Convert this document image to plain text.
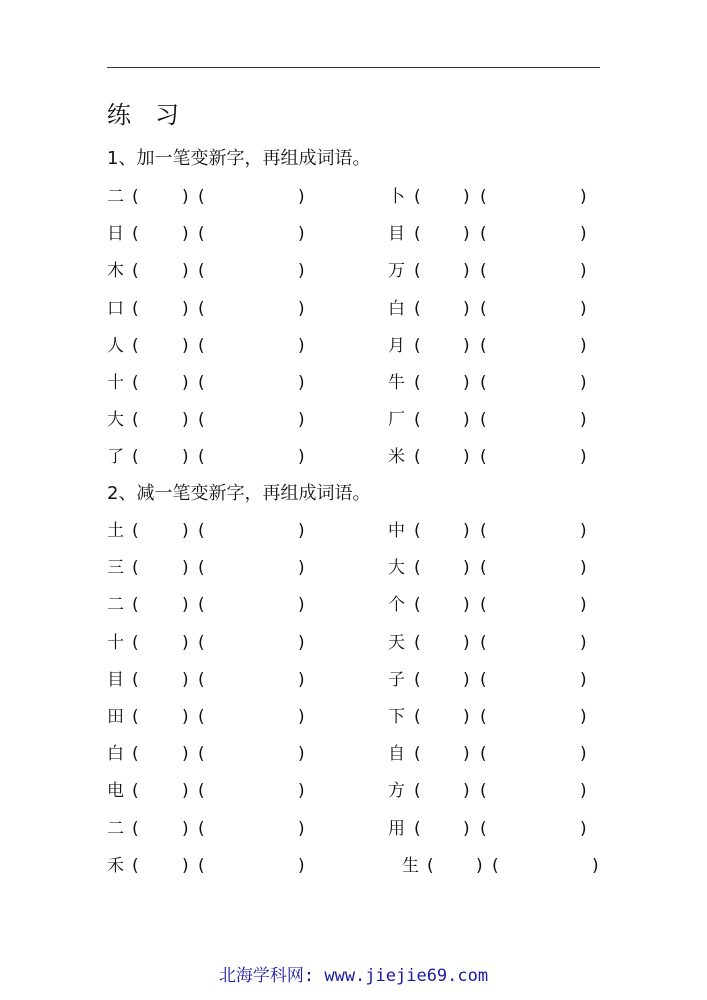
练　习
1、加一笔变新字，再组成词语。
二 (	) (	)	卜 ( ) (	)
日 (	) (	)	目 ( ) (	)
木 (	) (	)	万 ( ) (	)
口 (	) (	)	白 ( ) (	)
人 (	) (	)	月 ( ) (	)
十 (	) (	)	牛 ( ) (	)
大 (	) (	)	厂 ( ) (	)
了 (	) (	)	米 ( ) (	)
2、减一笔变新字，再组成词语。
土 (	) (	)	中 ( ) (	)
三 (	) (	)	大 ( ) (	)
二 (	) (	)	个 ( ) (	)
十 (	) (	)	天 ( ) (	)
目 (	) (	)	子 ( ) (	)
田 (	) (	)	下 ( ) (	)
白 (	) (	)	自 ( ) (	)
电 (	) (	)	方 ( ) (	)
二 (	) (	)	用 ( ) (	)
禾 (	) (	)	生 ( ) (	)
北海学科网: www.jiejie69.com
